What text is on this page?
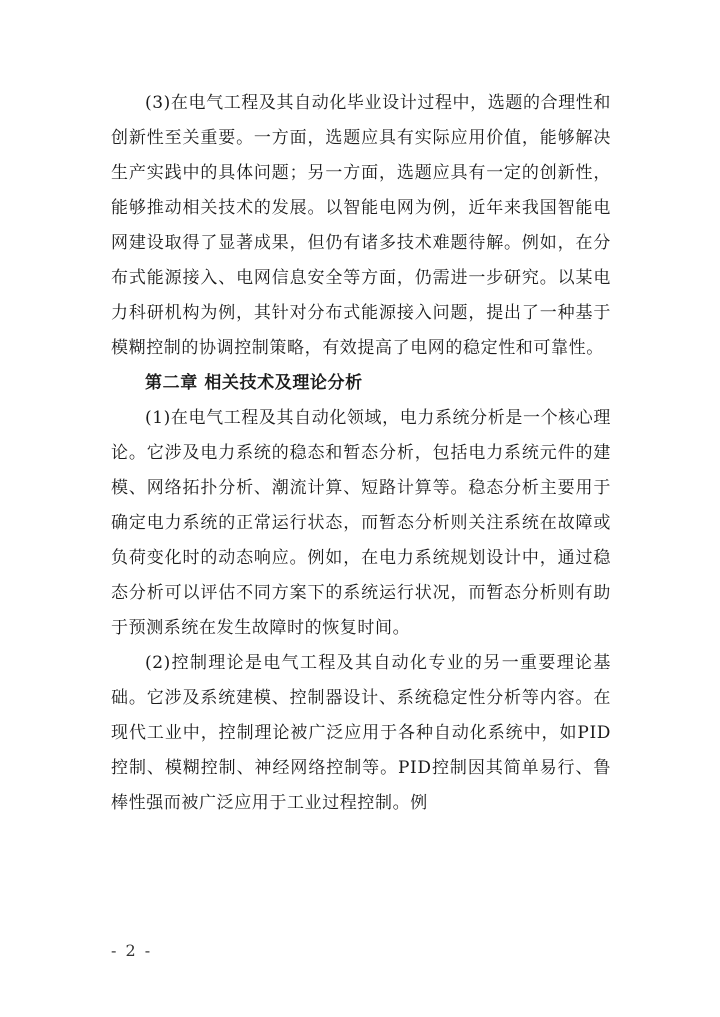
(3)在电气工程及其自动化毕业设计过程中，选题的合理性和创新性至关重要。一方面，选题应具有实际应用价值，能够解决生产实践中的具体问题；另一方面，选题应具有一定的创新性，能够推动相关技术的发展。以智能电网为例，近年来我国智能电网建设取得了显著成果，但仍有诸多技术难题待解。例如，在分布式能源接入、电网信息安全等方面，仍需进一步研究。以某电力科研机构为例，其针对分布式能源接入问题，提出了一种基于模糊控制的协调控制策略，有效提高了电网的稳定性和可靠性。

第二章 相关技术及理论分析

(1)在电气工程及其自动化领域，电力系统分析是一个核心理论。它涉及电力系统的稳态和暂态分析，包括电力系统元件的建模、网络拓扑分析、潮流计算、短路计算等。稳态分析主要用于确定电力系统的正常运行状态，而暂态分析则关注系统在故障或负荷变化时的动态响应。例如，在电力系统规划设计中，通过稳态分析可以评估不同方案下的系统运行状况，而暂态分析则有助于预测系统在发生故障时的恢复时间。

(2)控制理论是电气工程及其自动化专业的另一重要理论基础。它涉及系统建模、控制器设计、系统稳定性分析等内容。在现代工业中，控制理论被广泛应用于各种自动化系统中，如PID控制、模糊控制、神经网络控制等。PID控制因其简单易行、鲁棒性强而被广泛应用于工业过程控制。例

- 2 -
